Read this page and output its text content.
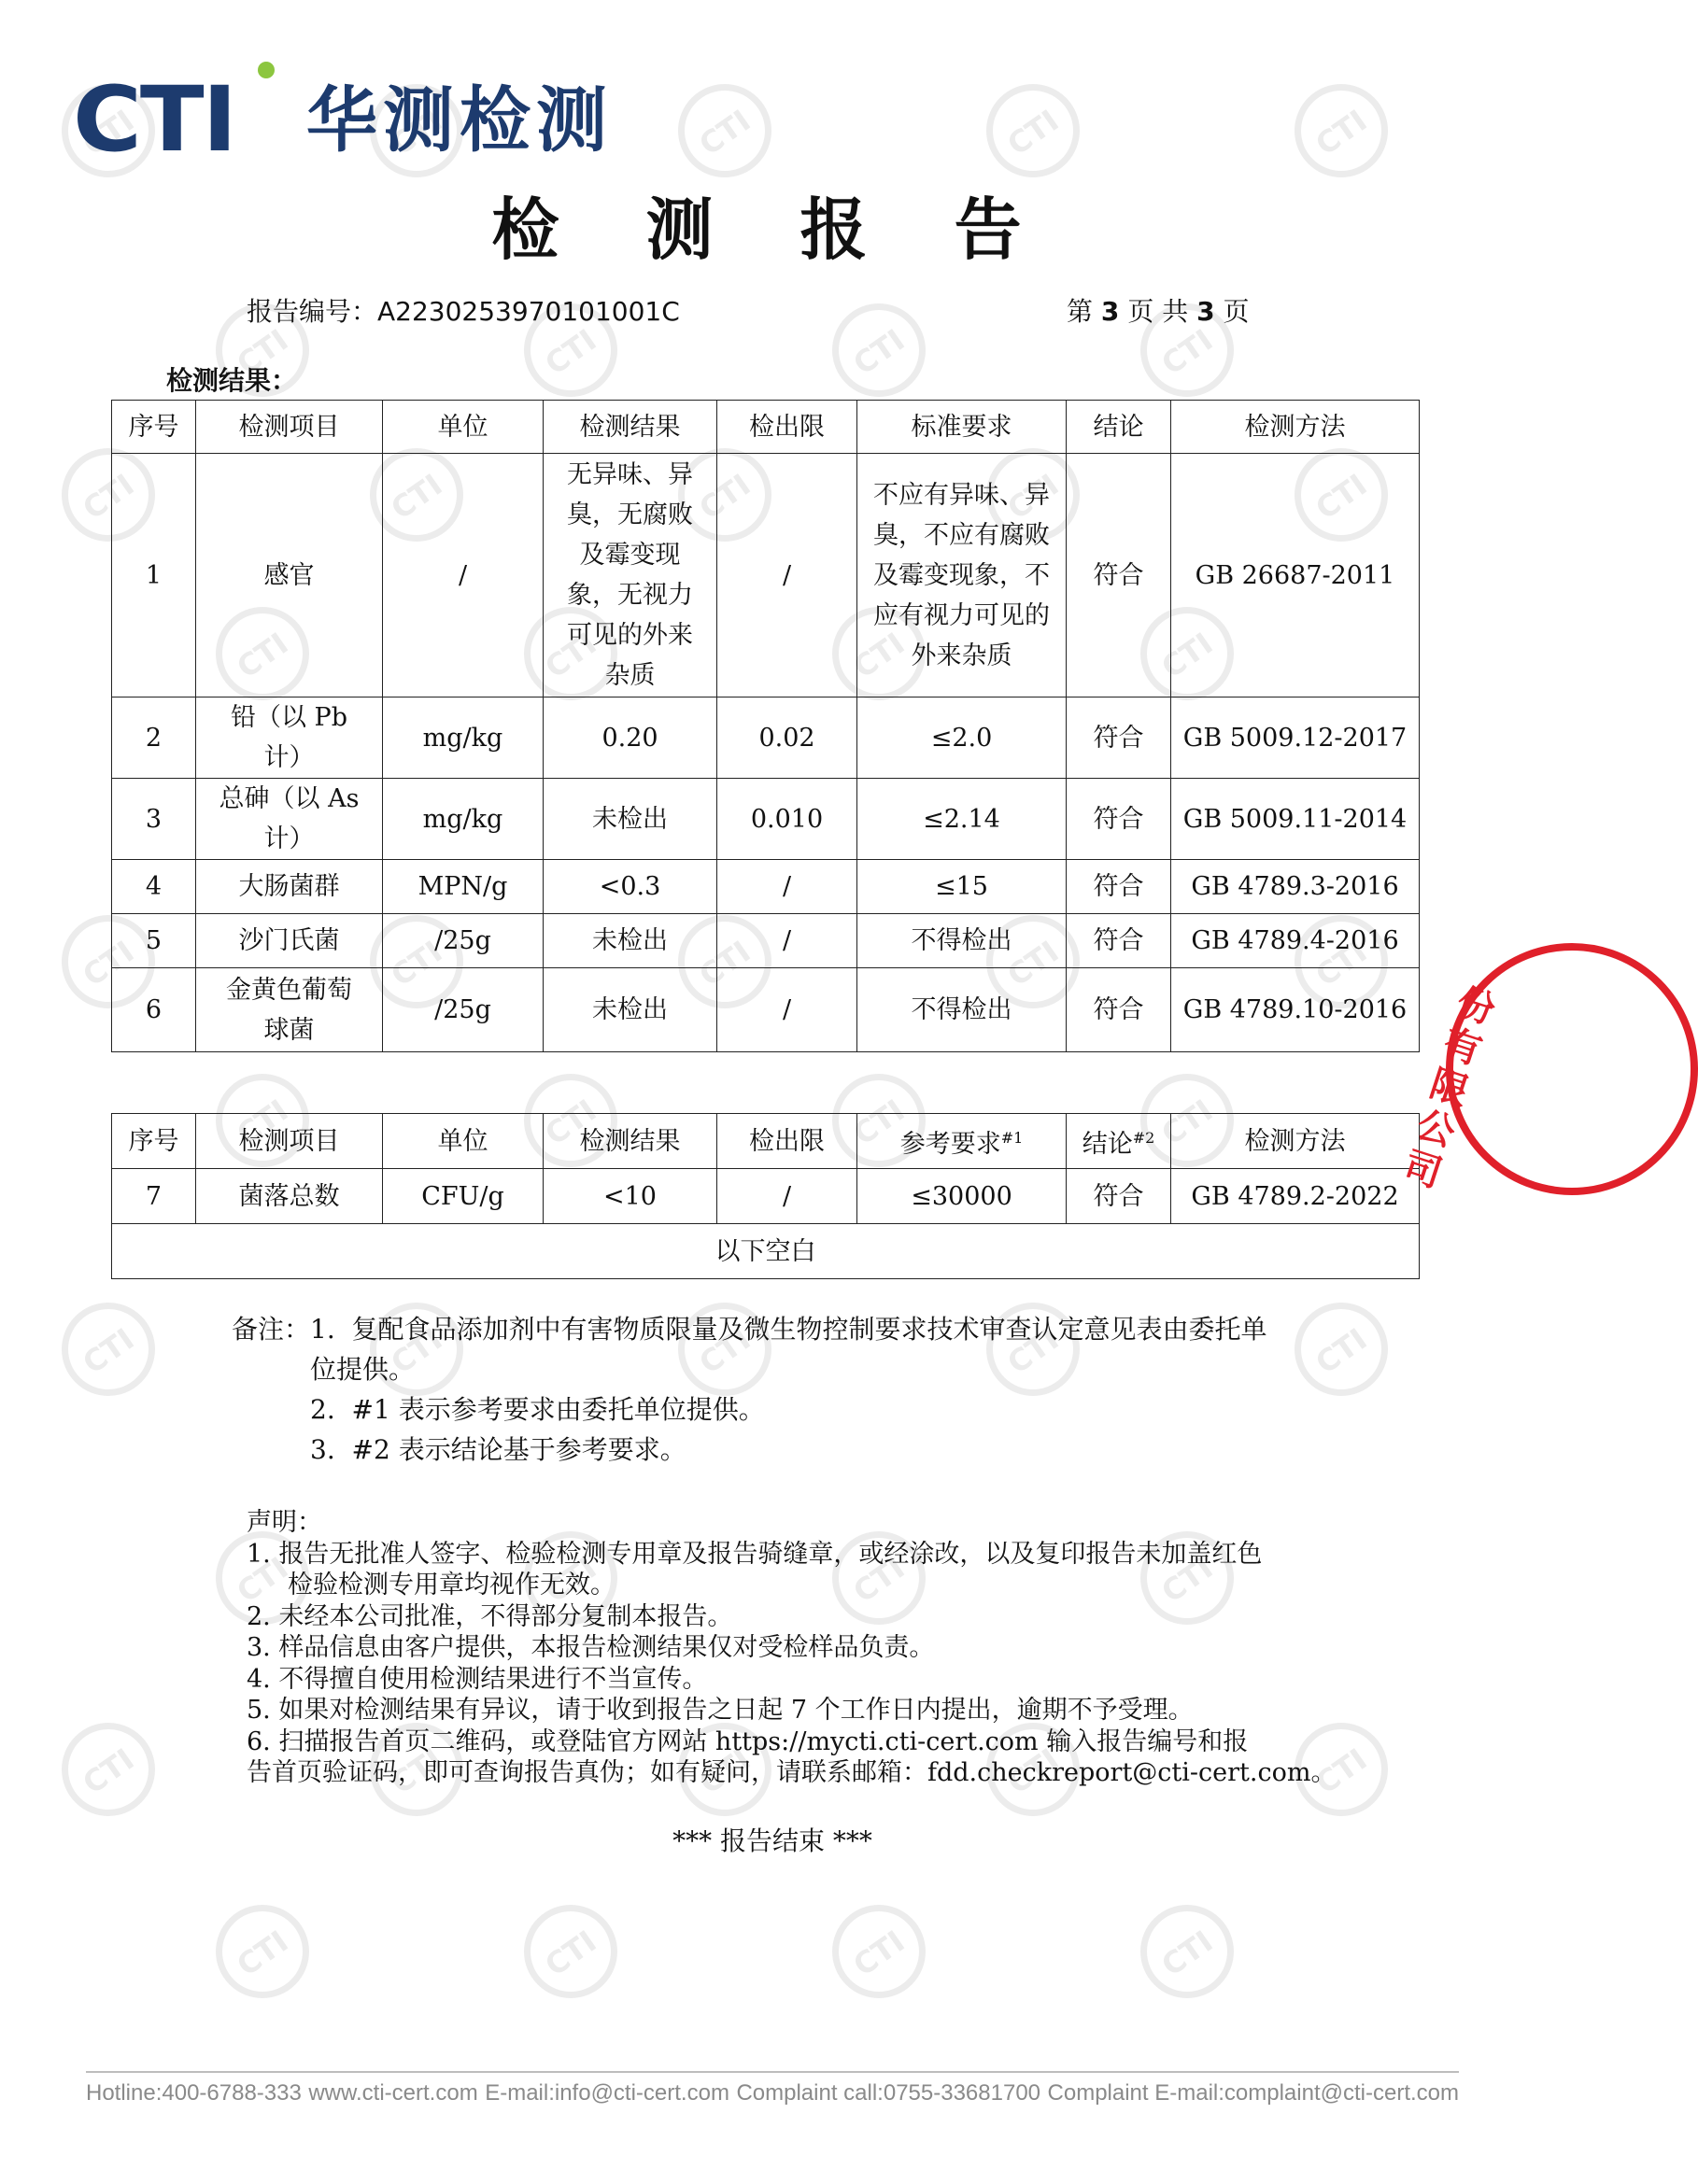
CTI
CTI
CTI
CTI
CTI
CTI
CTI
CTI
CTI
CTI
CTI
CTI
CTI
CTI
CTI
CTI
CTI
CTI
CTI
CTI
CTI
CTI
CTI
CTI
CTI
CTI
CTI
CTI
CTI
CTI
CTI
CTI
CTI
CTI
CTI
CTI
CTI
CTI
CTI
CTI
CTI
CTI
CTI
CTI
CTI
CTI 华测检测
检 测 报 告
报告编号：A2230253970101001C	第 3 页 共 3 页
检测结果：
序号	检测项目	单位	检测结果	检出限	标准要求	结论	检测方法
1	感官	/	无异味、异臭，无腐败及霉变现象，无视力可见的外来杂质	/	不应有异味、异臭，不应有腐败及霉变现象，不应有视力可见的外来杂质	符合	GB 26687-2011
2	铅（以 Pb 计）	mg/kg	0.20	0.02	≤2.0	符合	GB 5009.12-2017
3	总砷（以 As 计）	mg/kg	未检出	0.010	≤2.14	符合	GB 5009.11-2014
4	大肠菌群	MPN/g	<0.3	/	≤15	符合	GB 4789.3-2016
5	沙门氏菌	/25g	未检出	/	不得检出	符合	GB 4789.4-2016
6	金黄色葡萄球菌	/25g	未检出	/	不得检出	符合	GB 4789.10-2016
序号	检测项目	单位	检测结果	检出限	参考要求$^{\#1}$	结论$^{\#2}$	检测方法
7	菌落总数	CFU/g	<10	/	≤30000	符合	GB 4789.2-2022
以下空白							
备注：1. 复配食品添加剂中有害物质限量及微生物控制要求技术审查认定意见表由委托单
位提供。
2. #1 表示参考要求由委托单位提供。
3. #2 表示结论基于参考要求。
声明：
1. 报告无批准人签字、检验检测专用章及报告骑缝章，或经涂改，以及复印报告未加盖红色
检验检测专用章均视作无效。
2. 未经本公司批准，不得部分复制本报告。
3. 样品信息由客户提供，本报告检测结果仅对受检样品负责。
4. 不得擅自使用检测结果进行不当宣传。
5. 如果对检测结果有异议，请于收到报告之日起 7 个工作日内提出，逾期不予受理。
6. 扫描报告首页二维码，或登陆官方网站 https://mycti.cti-cert.com 输入报告编号和报
告首页验证码，即可查询报告真伪；如有疑问，请联系邮箱：fdd.checkreport@cti-cert.com。
*** 报告结束 ***
份有限公司
Hotline:400-6788-333 www.cti-cert.com E-mail:info@cti-cert.com Complaint call:0755-33681700 Complaint E-mail:complaint@cti-cert.com
